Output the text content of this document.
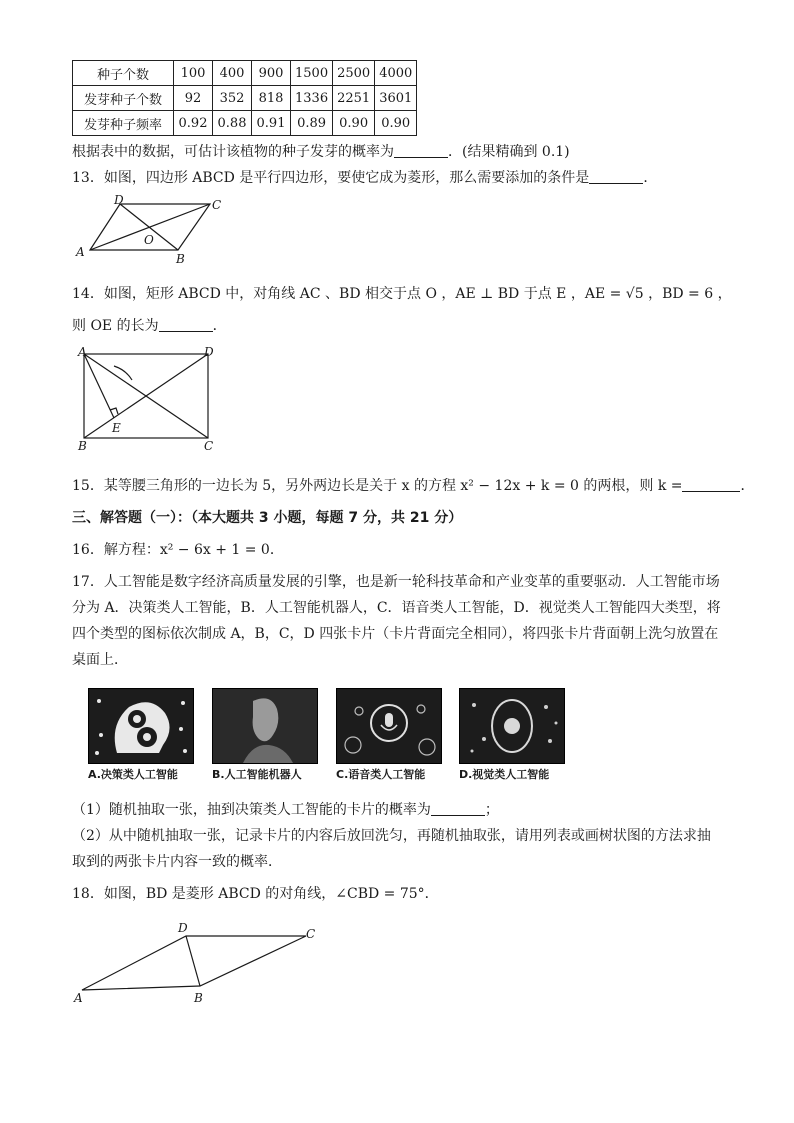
种子个数	100	400	900	1500	2500	4000
发芽种子个数	92	352	818	1336	2251	3601
发芽种子频率	0.92	0.88	0.91	0.89	0.90	0.90
根据表中的数据，可估计该植物的种子发芽的概率为	．(结果精确到 0.1)
13．如图，四边形 ABCD 是平行四边形，要使它成为菱形，那么需要添加的条件是	．
A	B
C
D
O
14．如图，矩形 ABCD 中，对角线 AC 、BD 相交于点 O ，AE ⊥ BD 于点 E ，AE = √5 ，BD = 6 ，
则 OE 的长为	．
A
B	C
D
E
15．某等腰三角形的一边长为 5，另外两边长是关于 x 的方程 x² − 12x + k = 0 的两根，则 k =	．
三、解答题（一）：（本大题共 3 小题，每题 7 分，共 21 分）
16．解方程：x² − 6x + 1 = 0．
17．人工智能是数字经济高质量发展的引擎，也是新一轮科技革命和产业变革的重要驱动．人工智能市场
分为 A．决策类人工智能，B．人工智能机器人，C．语音类人工智能，D．视觉类人工智能四大类型，将
四个类型的图标依次制成 A，B，C，D 四张卡片（卡片背面完全相同），将四张卡片背面朝上洗匀放置在
桌面上．
A.决策类人工智能	B.人工智能机器人	C.语音类人工智能	D.视觉类人工智能
（1）随机抽取一张，抽到决策类人工智能的卡片的概率为	；
（2）从中随机抽取一张，记录卡片的内容后放回洗匀，再随机抽取张，请用列表或画树状图的方法求抽
取到的两张卡片内容一致的概率．
18．如图，BD 是菱形 ABCD 的对角线，∠CBD = 75°．
A	B
C
D
